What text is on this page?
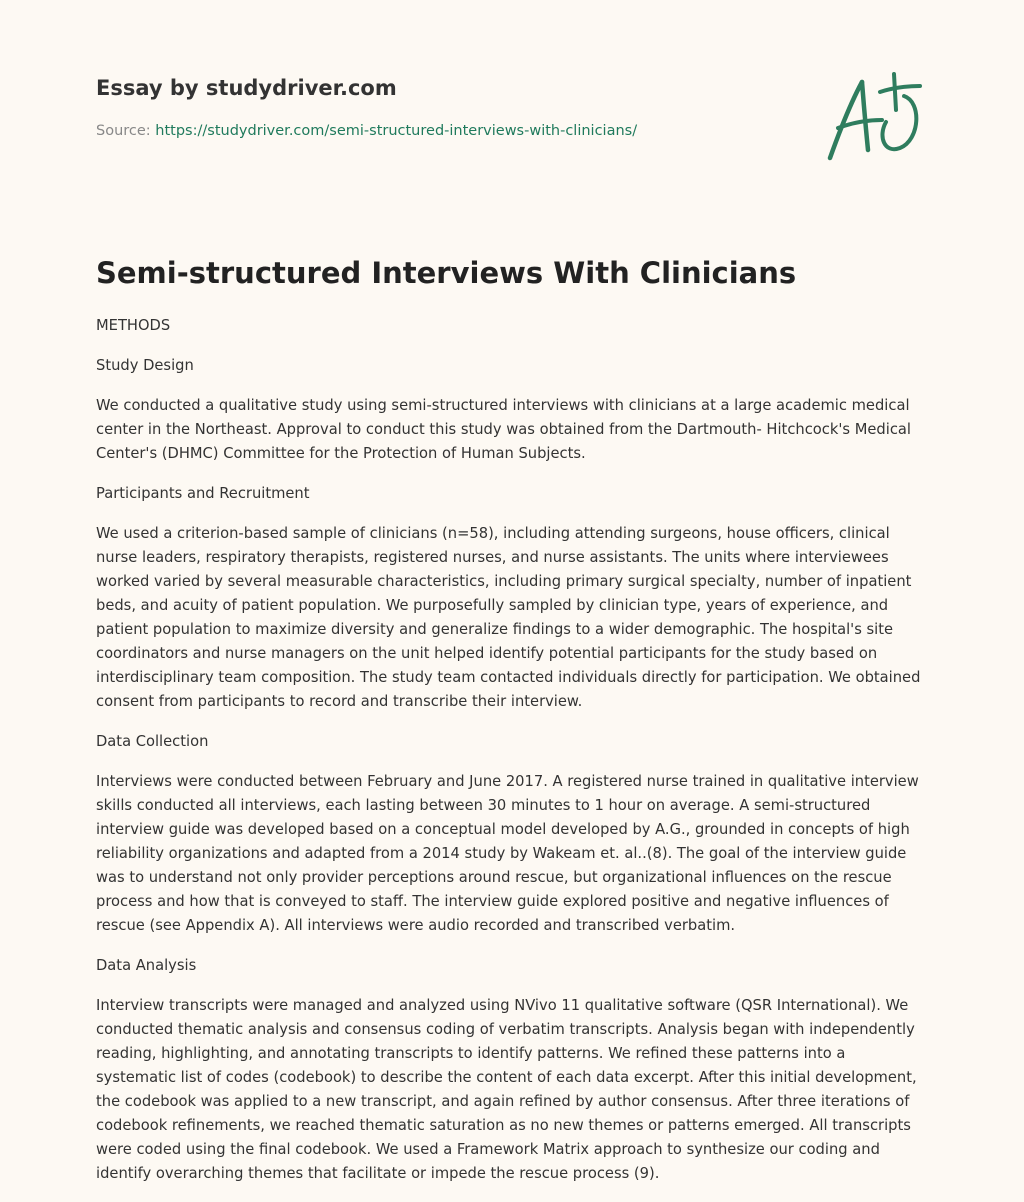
Essay by studydriver.com
Source: https://studydriver.com/semi-structured-interviews-with-clinicians/
Semi-structured Interviews With Clinicians

METHODS

Study Design

We conducted a qualitative study using semi-structured interviews with clinicians at a large academic medical center in the Northeast. Approval to conduct this study was obtained from the Dartmouth- Hitchcock's Medical Center's (DHMC) Committee for the Protection of Human Subjects.

Participants and Recruitment

We used a criterion-based sample of clinicians (n=58), including attending surgeons, house officers, clinical nurse leaders, respiratory therapists, registered nurses, and nurse assistants. The units where interviewees worked varied by several measurable characteristics, including primary surgical specialty, number of inpatient beds, and acuity of patient population. We purposefully sampled by clinician type, years of experience, and patient population to maximize diversity and generalize findings to a wider demographic. The hospital's site coordinators and nurse managers on the unit helped identify potential participants for the study based on interdisciplinary team composition. The study team contacted individuals directly for participation. We obtained consent from participants to record and transcribe their interview.

Data Collection

Interviews were conducted between February and June 2017. A registered nurse trained in qualitative interview skills conducted all interviews, each lasting between 30 minutes to 1 hour on average. A semi-structured interview guide was developed based on a conceptual model developed by A.G., grounded in concepts of high reliability organizations and adapted from a 2014 study by Wakeam et. al..(8). The goal of the interview guide was to understand not only provider perceptions around rescue, but organizational influences on the rescue process and how that is conveyed to staff. The interview guide explored positive and negative influences of rescue (see Appendix A). All interviews were audio recorded and transcribed verbatim.

Data Analysis

Interview transcripts were managed and analyzed using NVivo 11 qualitative software (QSR International). We conducted thematic analysis and consensus coding of verbatim transcripts. Analysis began with independently reading, highlighting, and annotating transcripts to identify patterns. We refined these patterns into a systematic list of codes (codebook) to describe the content of each data excerpt. After this initial development, the codebook was applied to a new transcript, and again refined by author consensus. After three iterations of codebook refinements, we reached thematic saturation as no new themes or patterns emerged. All transcripts were coded using the final codebook. We used a Framework Matrix approach to synthesize our coding and identify overarching themes that facilitate or impede the rescue process (9).
